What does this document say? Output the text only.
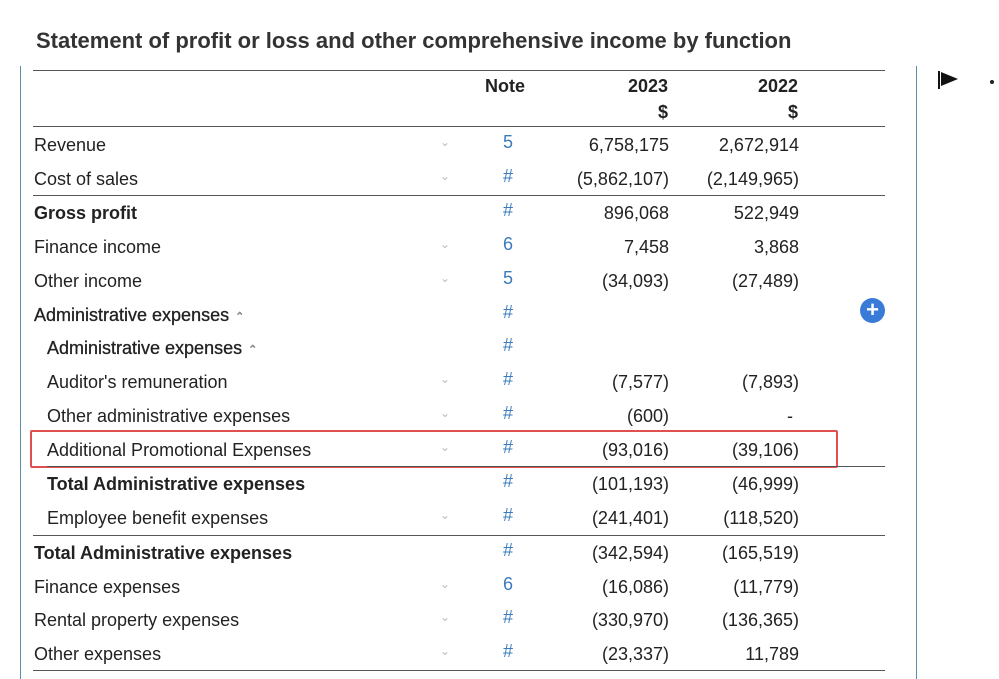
Statement of profit or loss and other comprehensive income by function
Note	2023	2022
$	$
Revenue	⌄	5	6,758,175	2,672,914
Cost of sales	⌄	#	(5,862,107) (2,149,965)
Gross profit	#	896,068	522,949
Finance income	⌄	6	7,458	3,868
Other income	⌄	5	(34,093)	(27,489)
Administrative expenses ⌃	#	+
Administrative expenses ⌃	#
Auditor's remuneration	⌄	#	(7,577)	(7,893)
Other administrative expenses	⌄	#	(600)	-
Additional Promotional Expenses	⌄	#	(93,016)	(39,106)
Total Administrative expenses	#	(101,193)	(46,999)
Employee benefit expenses	⌄	#	(241,401)	(118,520)
Total Administrative expenses	#	(342,594)	(165,519)
Finance expenses	⌄	6	(16,086)	(11,779)
Rental property expenses	⌄	#	(330,970)	(136,365)
Other expenses	⌄	#	(23,337)	11,789
